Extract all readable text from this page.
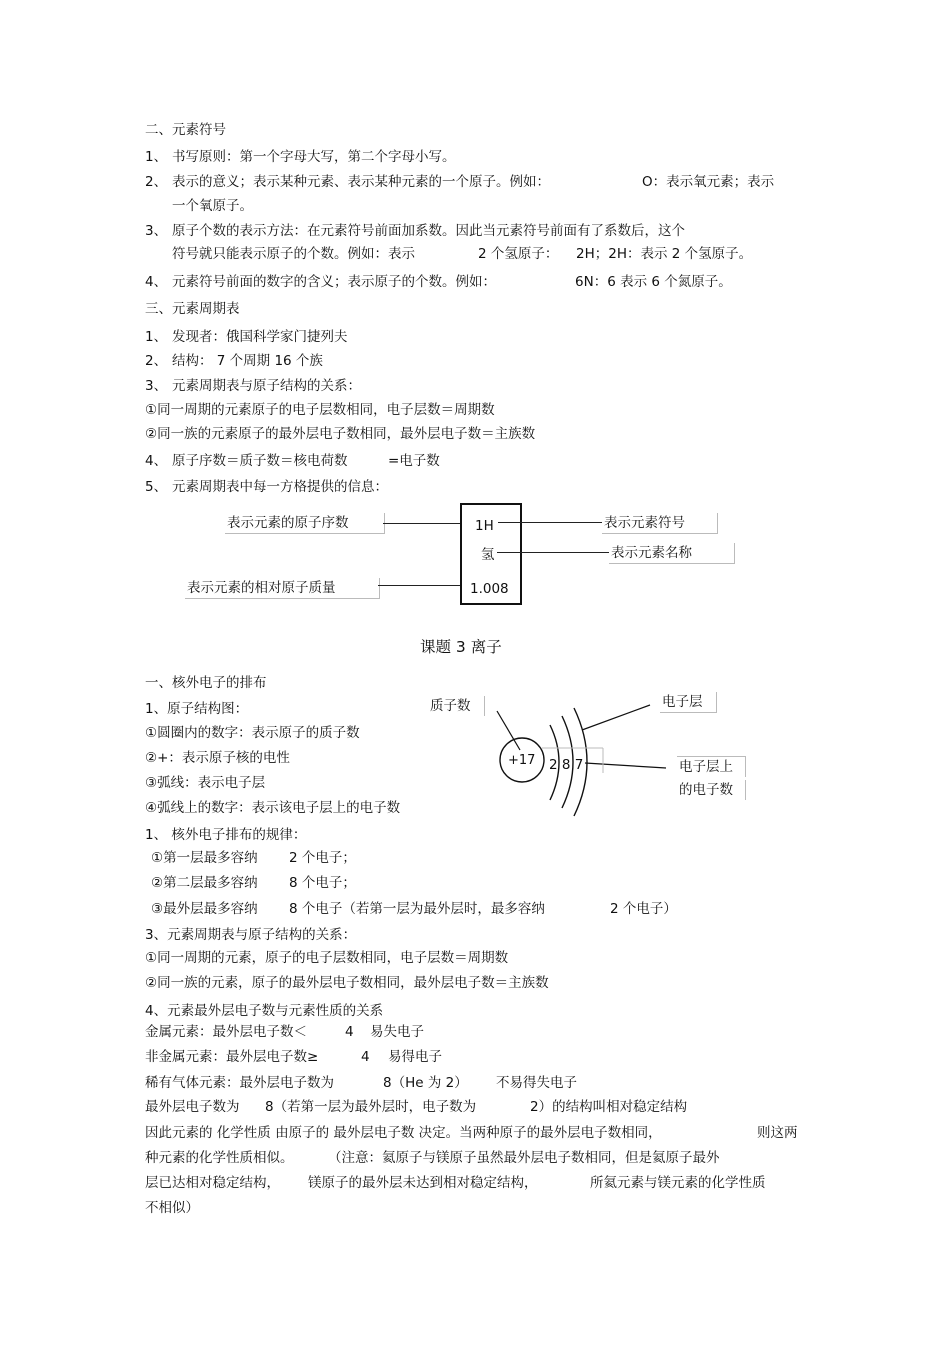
二、元素符号
1、 书写原则：第一个字母大写，第二个字母小写。
2、 表示的意义；表示某种元素、表示某种元素的一个原子。例如：	O：表示氧元素；表示
一个氧原子。
3、 原子个数的表示方法：在元素符号前面加系数。因此当元素符号前面有了系数后，这个
符号就只能表示原子的个数。例如：表示	2 个氢原子： 2H；2H：表示 2 个氢原子。
4、 元素符号前面的数字的含义；表示原子的个数。例如：	6N：6 表示 6 个氮原子。
三、元素周期表
1、 发现者：俄国科学家门捷列夫
2、 结构： 7 个周期 16 个族
3、 元素周期表与原子结构的关系：
①同一周期的元素原子的电子层数相同，电子层数＝周期数
②同一族的元素原子的最外层电子数相同，最外层电子数＝主族数
4、 原子序数＝质子数＝核电荷数	=电子数
5、 元素周期表中每一方格提供的信息：
1H
氢
1.008
表示元素的原子序数	表示元素符号
表示元素名称
表示元素的相对原子质量
课题 3 离子
一、核外电子的排布
1、原子结构图：
①圆圈内的数字：表示原子的质子数
②+：表示原子核的电性
③弧线：表示电子层
④弧线上的数字：表示该电子层上的电子数
+17 2 8 7
质子数	电子层
电子层上
的电子数
1、 核外电子排布的规律：
①第一层最多容纳 2 个电子；
②第二层最多容纳 8 个电子；
③最外层最多容纳 8 个电子（若第一层为最外层时，最多容纳	2 个电子）
3、元素周期表与原子结构的关系：
①同一周期的元素，原子的电子层数相同，电子层数＝周期数
②同一族的元素，原子的最外层电子数相同，最外层电子数＝主族数
4、元素最外层电子数与元素性质的关系
金属元素：最外层电子数＜	4 易失电子
非金属元素：最外层电子数≥	4 易得电子
稀有气体元素：最外层电子数为	8（He 为 2） 不易得失电子
最外层电子数为 8（若第一层为最外层时，电子数为	2）的结构叫相对稳定结构
因此元素的 化学性质 由原子的 最外层电子数 决定。当两种原子的最外层电子数相同，	则这两
种元素的化学性质相似。	（注意：氦原子与镁原子虽然最外层电子数相同，但是氦原子最外
层已达相对稳定结构， 镁原子的最外层未达到相对稳定结构，	所氦元素与镁元素的化学性质
不相似）
